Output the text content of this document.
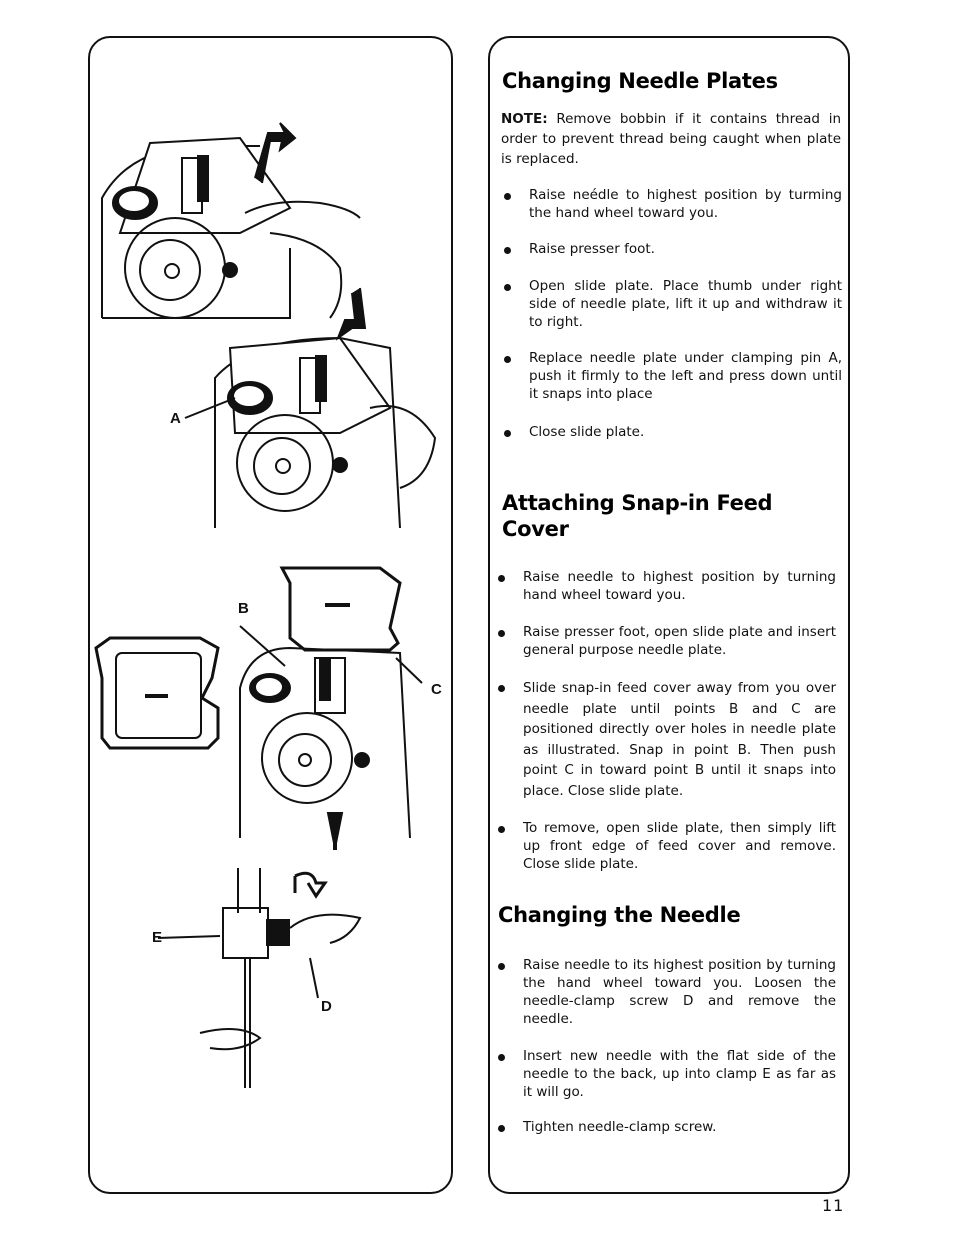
A
B
C
D
E
Changing Needle Plates
NOTE: Remove bobbin if it contains thread in order to prevent thread being caught when plate is replaced.
Raise neédle to highest position by turming the hand wheel toward you.
Raise presser foot.
Open slide plate. Place thumb under right side of needle plate, lift it up and withdraw it to right.
Replace needle plate under clamping pin A, push it firmly to the left and press down until it snaps into place
Close slide plate.
Attaching Snap-in Feed
Cover
Raise needle to highest position by turning hand wheel toward you.
Raise presser foot, open slide plate and insert general purpose needle plate.
Slide snap-in feed cover away from you over needle plate until points B and C are positioned directly over holes in needle plate as illustrated. Snap in point B. Then push point C in toward point B until it snaps into place. Close slide plate.
To remove, open slide plate, then simply lift up front edge of feed cover and remove. Close slide plate.
Changing the Needle
Raise needle to its highest position by turning the hand wheel toward you. Loosen the needle-clamp screw D and remove the needle.
Insert new needle with the flat side of the needle to the back, up into clamp E as far as it will go.
Tighten needle-clamp screw.
11
